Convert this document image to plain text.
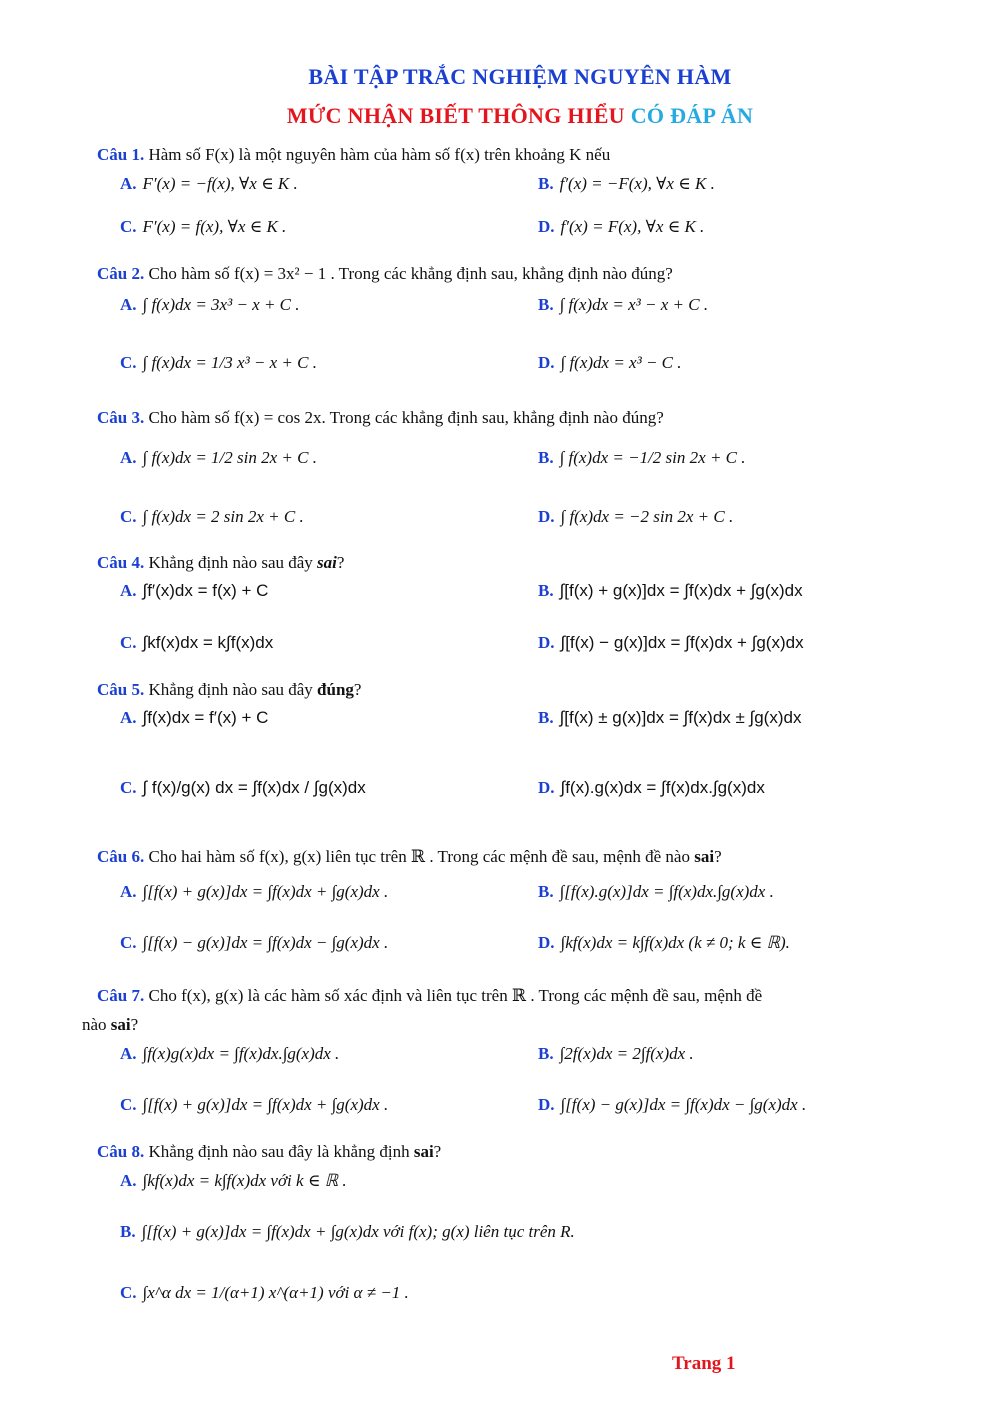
BÀI TẬP TRẮC NGHIỆM NGUYÊN HÀM
MỨC NHẬN BIẾT THÔNG HIỂU CÓ ĐÁP ÁN
Câu 1. Hàm số F(x) là một nguyên hàm của hàm số f(x) trên khoảng K nếu
A. F′(x) = −f(x), ∀x ∈ K .	B. f′(x) = −F(x), ∀x ∈ K .
C. F′(x) = f(x), ∀x ∈ K .	D. f′(x) = F(x), ∀x ∈ K .
Câu 2. Cho hàm số f(x) = 3x² − 1 . Trong các khẳng định sau, khẳng định nào đúng?
A. ∫ f(x)dx = 3x³ − x + C .	B. ∫ f(x)dx = x³ − x + C .
C. ∫ f(x)dx = 1/3 x³ − x + C .	D. ∫ f(x)dx = x³ − C .
Câu 3. Cho hàm số f(x) = cos 2x. Trong các khẳng định sau, khẳng định nào đúng?
A. ∫ f(x)dx = 1/2 sin 2x + C .	B. ∫ f(x)dx = −1/2 sin 2x + C .
C. ∫ f(x)dx = 2 sin 2x + C .	D. ∫ f(x)dx = −2 sin 2x + C .
Câu 4. Khẳng định nào sau đây sai?
A. ∫f′(x)dx = f(x) + C	B. ∫[f(x) + g(x)]dx = ∫f(x)dx + ∫g(x)dx
C. ∫kf(x)dx = k∫f(x)dx	D. ∫[f(x) − g(x)]dx = ∫f(x)dx + ∫g(x)dx
Câu 5. Khẳng định nào sau đây đúng?
A. ∫f(x)dx = f′(x) + C	B. ∫[f(x) ± g(x)]dx = ∫f(x)dx ± ∫g(x)dx
C. ∫ f(x)/g(x) dx = ∫f(x)dx / ∫g(x)dx	D. ∫f(x).g(x)dx = ∫f(x)dx.∫g(x)dx
Câu 6. Cho hai hàm số f(x), g(x) liên tục trên ℝ . Trong các mệnh đề sau, mệnh đề nào sai?
A. ∫[f(x) + g(x)]dx = ∫f(x)dx + ∫g(x)dx .	B. ∫[f(x).g(x)]dx = ∫f(x)dx.∫g(x)dx .
C. ∫[f(x) − g(x)]dx = ∫f(x)dx − ∫g(x)dx .	D. ∫kf(x)dx = k∫f(x)dx (k ≠ 0; k ∈ ℝ).
Câu 7. Cho f(x), g(x) là các hàm số xác định và liên tục trên ℝ . Trong các mệnh đề sau, mệnh đề
nào sai?
A. ∫f(x)g(x)dx = ∫f(x)dx.∫g(x)dx .	B. ∫2f(x)dx = 2∫f(x)dx .
C. ∫[f(x) + g(x)]dx = ∫f(x)dx + ∫g(x)dx .	D. ∫[f(x) − g(x)]dx = ∫f(x)dx − ∫g(x)dx .
Câu 8. Khẳng định nào sau đây là khẳng định sai?
A. ∫kf(x)dx = k∫f(x)dx với k ∈ ℝ .
B. ∫[f(x) + g(x)]dx = ∫f(x)dx + ∫g(x)dx với f(x); g(x) liên tục trên R.
C. ∫x^α dx = 1/(α+1) x^(α+1) với α ≠ −1 .
Trang 1
